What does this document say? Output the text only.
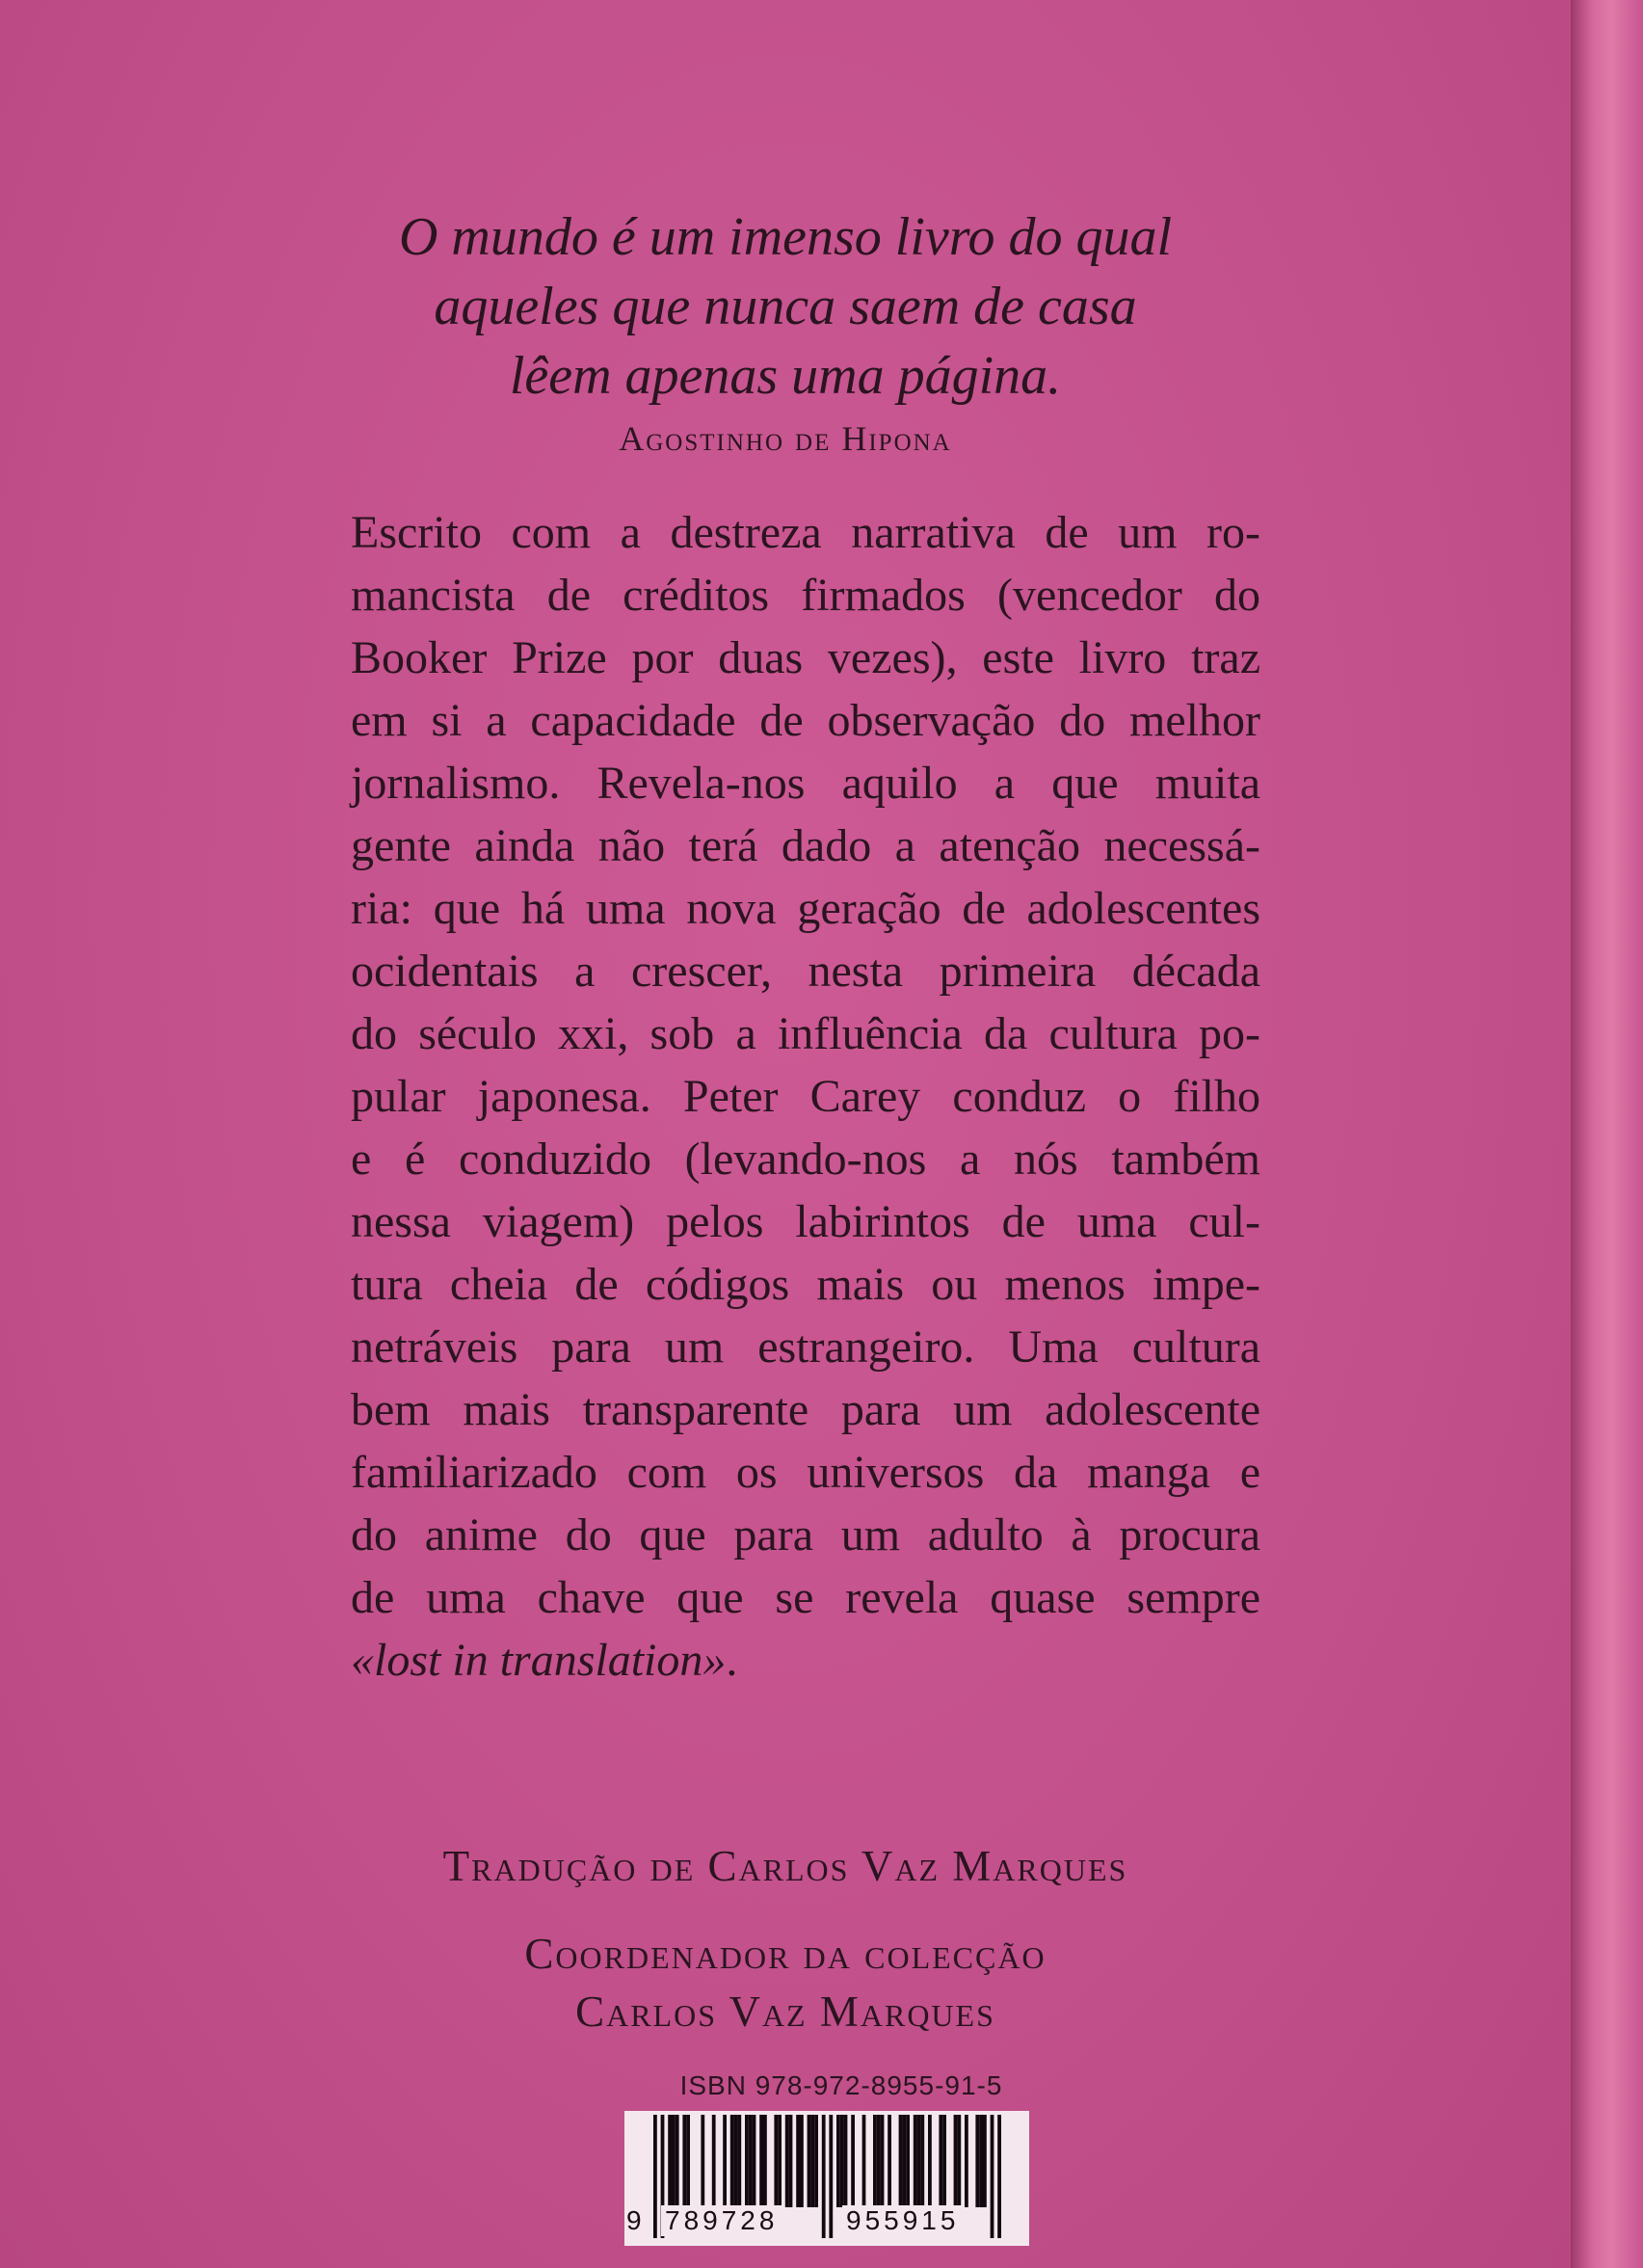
O mundo é um imenso livro do qual
aqueles que nunca saem de casa
lêem apenas uma página.
Agostinho de Hipona
Escrito com a destreza narrativa de um ro-
mancista de créditos firmados (vencedor do
Booker Prize por duas vezes), este livro traz
em si a capacidade de observação do melhor
jornalismo. Revela-nos aquilo a que muita
gente ainda não terá dado a atenção necessá-
ria: que há uma nova geração de adolescentes
ocidentais a crescer, nesta primeira década
do século xxi, sob a influência da cultura po-
pular japonesa. Peter Carey conduz o filho
e é conduzido (levando-nos a nós também
nessa viagem) pelos labirintos de uma cul-
tura cheia de códigos mais ou menos impe-
netráveis para um estrangeiro. Uma cultura
bem mais transparente para um adolescente
familiarizado com os universos da manga e
do anime do que para um adulto à procura
de uma chave que se revela quase sempre
«lost in translation».
Tradução de Carlos Vaz Marques
Coordenador da colecção
Carlos Vaz Marques
ISBN 978-972-8955-91-5
9 789728	955915
